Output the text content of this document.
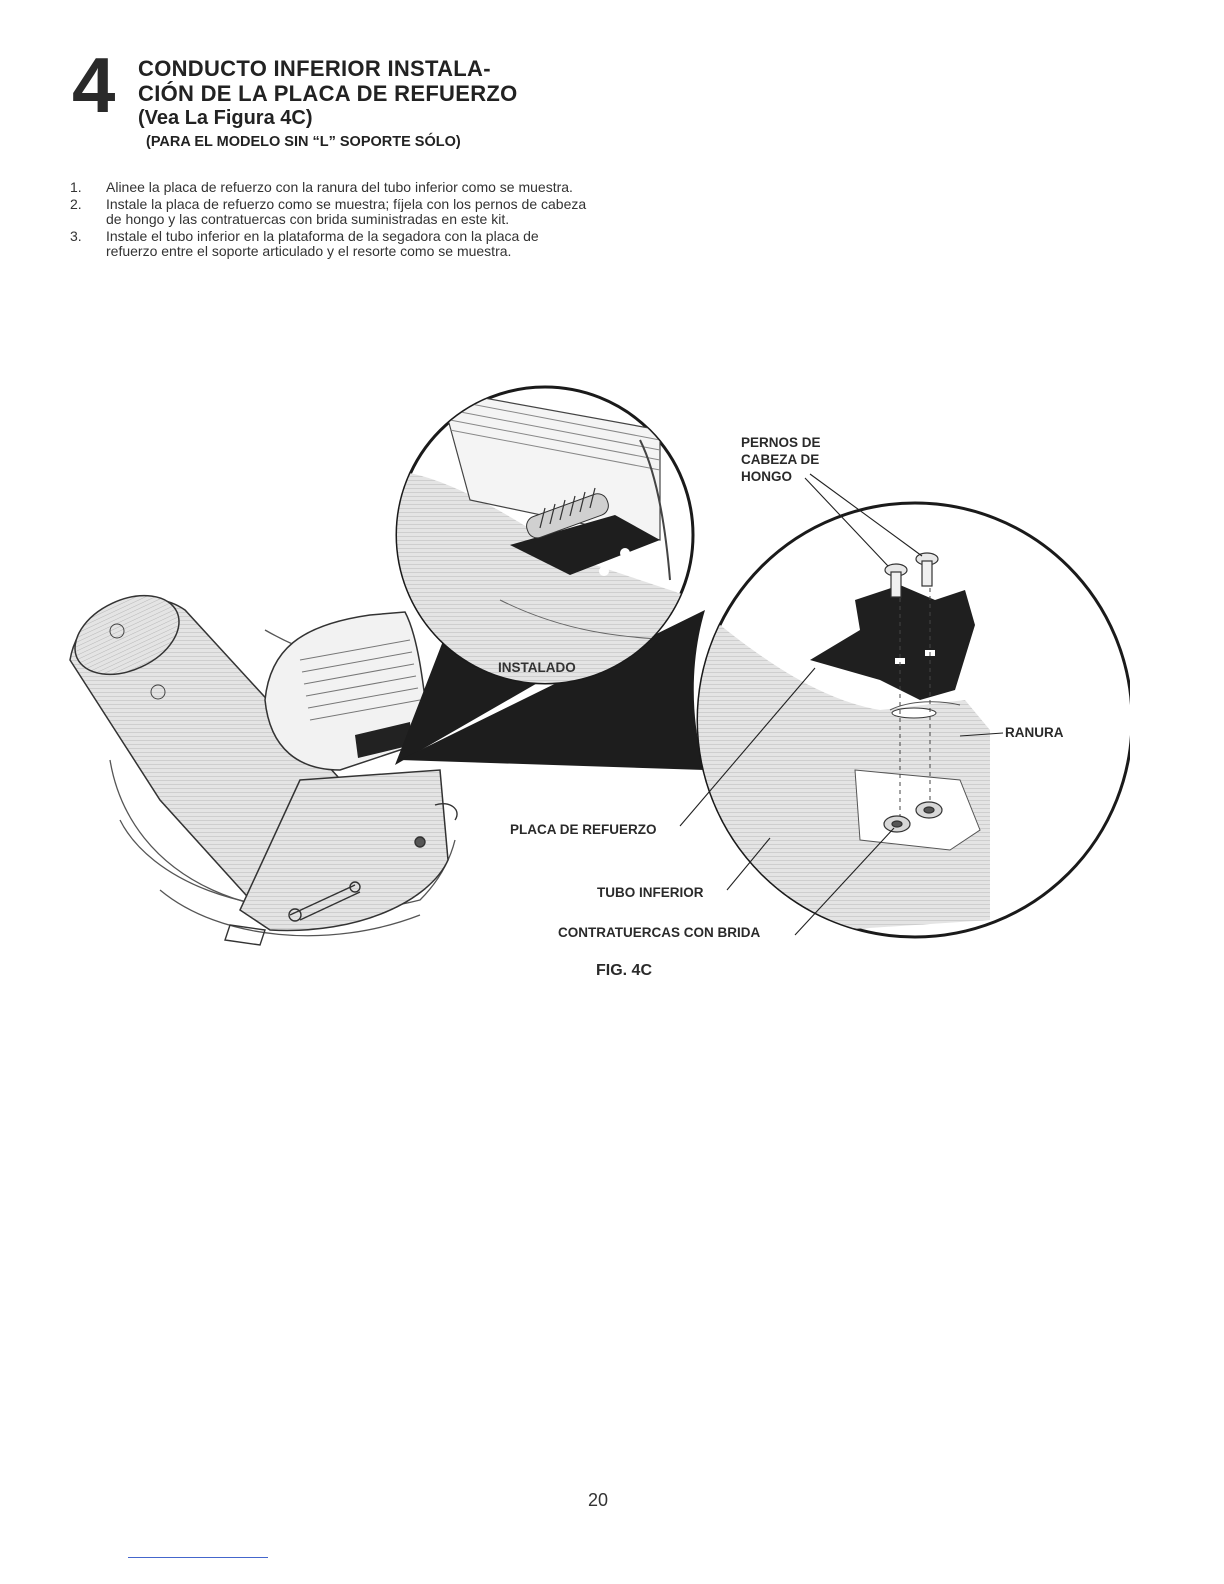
4 CONDUCTO INFERIOR INSTALA-
CIÓN DE LA PLACA DE REFUERZO
(Vea La Figura 4C)
(PARA EL MODELO SIN “L” SOPORTE SÓLO)
1.	Alinee la placa de refuerzo con la ranura del tubo inferior como se muestra.
2.	Instale la placa de refuerzo como se muestra; fíjela con los pernos de cabeza de hongo y las contratuercas con brida suministradas en este kit.
3.	Instale el tubo inferior en la plataforma de la segadora con la placa de refuerzo entre el soporte articulado y el resorte como se muestra.
INSTALADO
PERNOS DE
CABEZA DE
HONGO
RANURA
PLACA DE REFUERZO
TUBO INFERIOR
CONTRATUERCAS CON BRIDA
FIG. 4C
20
